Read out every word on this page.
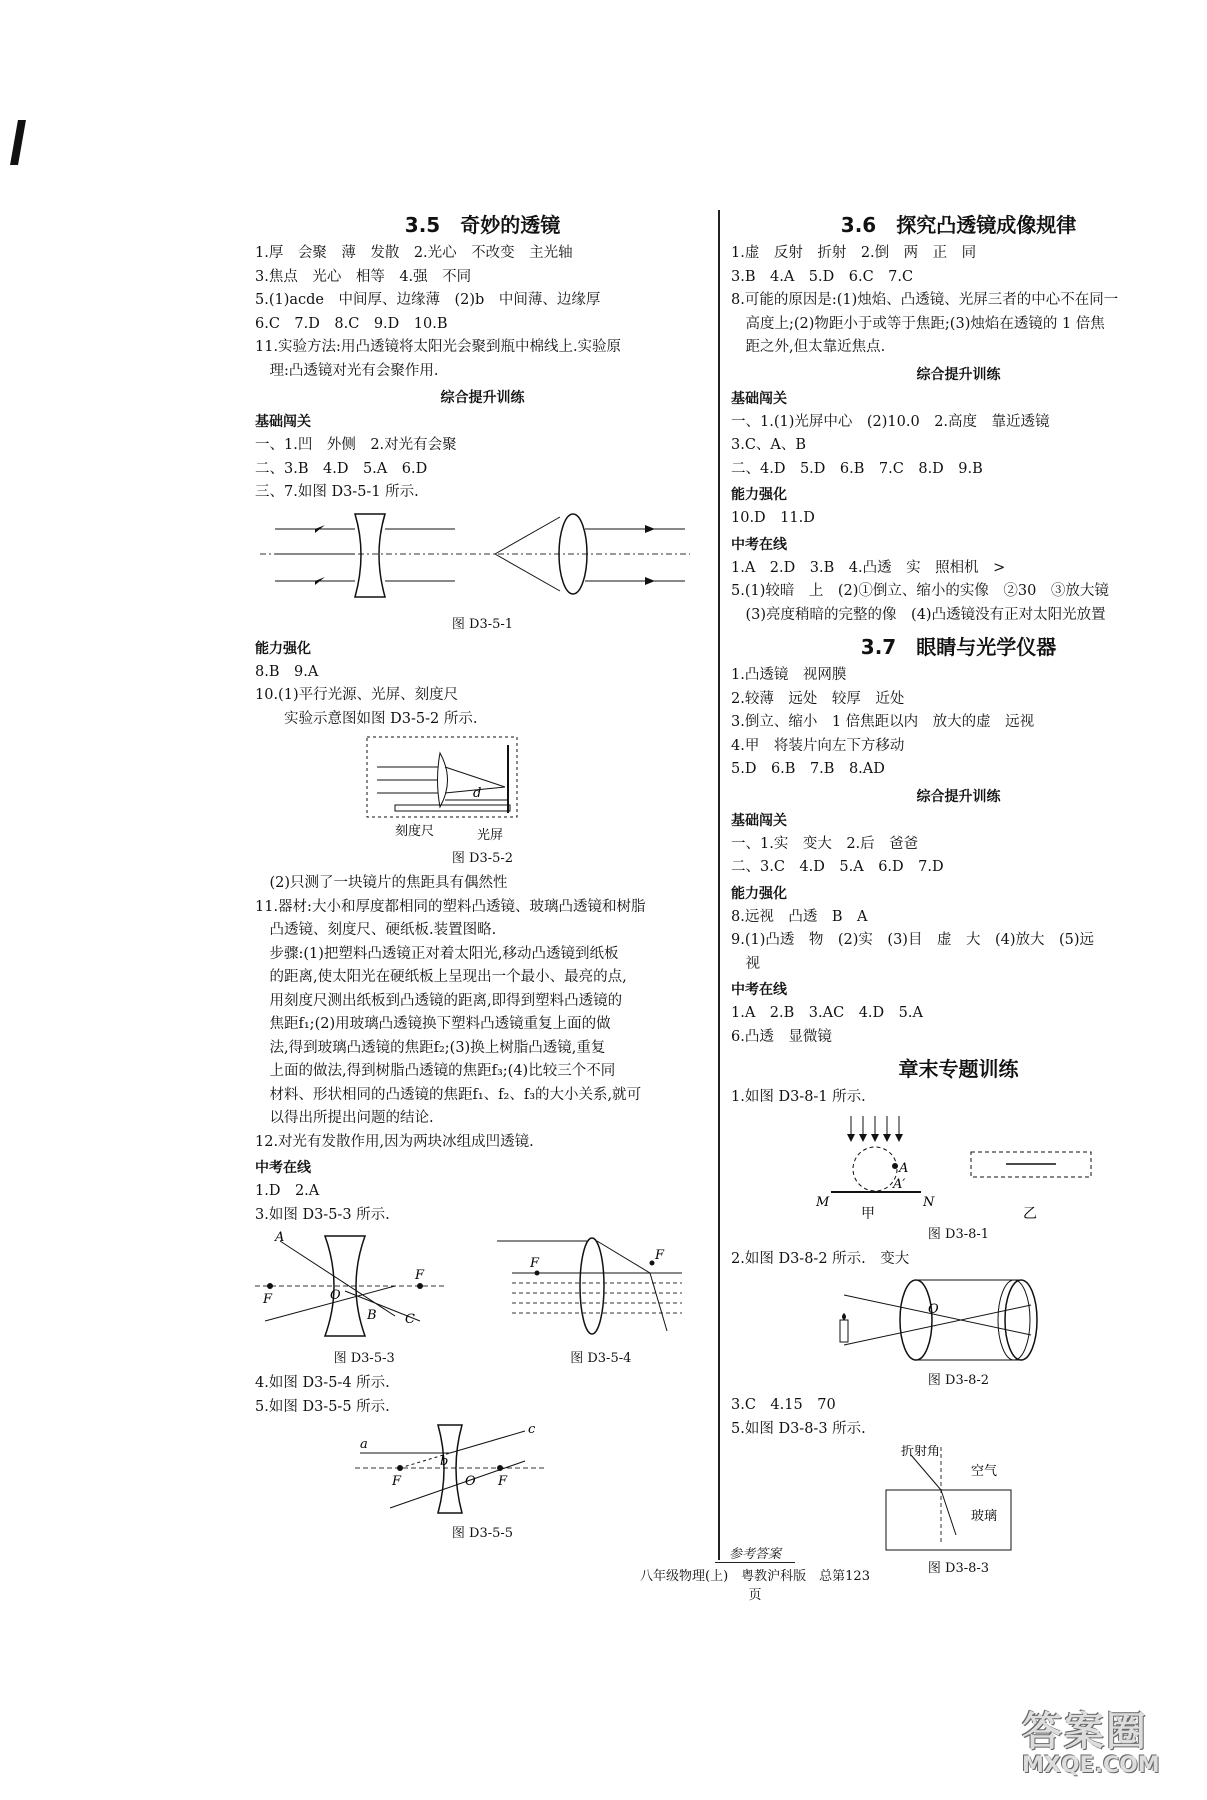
3.5　奇妙的透镜
1.厚　会聚　薄　发散　2.光心　不改变　主光轴
3.焦点　光心　相等　4.强　不同
5.(1)acde　中间厚、边缘薄　(2)b　中间薄、边缘厚
6.C　7.D　8.C　9.D　10.B
11.实验方法:用凸透镜将太阳光会聚到瓶中棉线上.实验原
　理:凸透镜对光有会聚作用.
综合提升训练
基础闯关
一、1.凹　外侧　2.对光有会聚
二、3.B　4.D　5.A　6.D
三、7.如图 D3-5-1 所示.
图 D3-5-1
能力强化
8.B　9.A
10.(1)平行光源、光屏、刻度尺
　　实验示意图如图 D3-5-2 所示.
d
刻度尺	光屏
图 D3-5-2
　(2)只测了一块镜片的焦距具有偶然性
11.器材:大小和厚度都相同的塑料凸透镜、玻璃凸透镜和树脂
　凸透镜、刻度尺、硬纸板.装置图略.
　步骤:(1)把塑料凸透镜正对着太阳光,移动凸透镜到纸板
　的距离,使太阳光在硬纸板上呈现出一个最小、最亮的点,
　用刻度尺测出纸板到凸透镜的距离,即得到塑料凸透镜的
　焦距f₁;(2)用玻璃凸透镜换下塑料凸透镜重复上面的做
　法,得到玻璃凸透镜的焦距f₂;(3)换上树脂凸透镜,重复
　上面的做法,得到树脂凸透镜的焦距f₃;(4)比较三个不同
　材料、形状相同的凸透镜的焦距f₁、f₂、f₃的大小关系,就可
　以得出所提出问题的结论.
12.对光有发散作用,因为两块冰组成凹透镜.
中考在线
1.D　2.A
3.如图 D3-5-3 所示.
A
F	O
F
B C
F
F
图 D3-5-3	图 D3-5-4
4.如图 D3-5-4 所示.
5.如图 D3-5-5 所示.
a
b
c
F	O F
图 D3-5-5
3.6　探究凸透镜成像规律
1.虚　反射　折射　2.倒　两　正　同
3.B　4.A　5.D　6.C　7.C
8.可能的原因是:(1)烛焰、凸透镜、光屏三者的中心不在同一
　高度上;(2)物距小于或等于焦距;(3)烛焰在透镜的 1 倍焦
　距之外,但太靠近焦点.
综合提升训练
基础闯关
一、1.(1)光屏中心　(2)10.0　2.高度　靠近透镜
3.C、A、B
二、4.D　5.D　6.B　7.C　8.D　9.B
能力强化
10.D　11.D
中考在线
1.A　2.D　3.B　4.凸透　实　照相机　>
5.(1)较暗　上　(2)①倒立、缩小的实像　②30　③放大镜
　(3)亮度稍暗的完整的像　(4)凸透镜没有正对太阳光放置
3.7　眼睛与光学仪器
1.凸透镜　视网膜
2.较薄　远处　较厚　近处
3.倒立、缩小　1 倍焦距以内　放大的虚　远视
4.甲　将装片向左下方移动
5.D　6.B　7.B　8.AD
综合提升训练
基础闯关
一、1.实　变大　2.后　爸爸
二、3.C　4.D　5.A　6.D　7.D
能力强化
8.远视　凸透　B　A
9.(1)凸透　物　(2)实　(3)目　虚　大　(4)放大　(5)远
　视
中考在线
1.A　2.B　3.AC　4.D　5.A
6.凸透　显微镜
章末专题训练
1.如图 D3-8-1 所示.
A
A′
M	N
甲	乙
图 D3-8-1
2.如图 D3-8-2 所示.　变大
O
图 D3-8-2
3.C　4.15　70
5.如图 D3-8-3 所示.
折射角
空气
玻璃
图 D3-8-3
参考答案
八年级物理(上)　粤教沪科版　总第123页
答案圈
MXQE.COM
